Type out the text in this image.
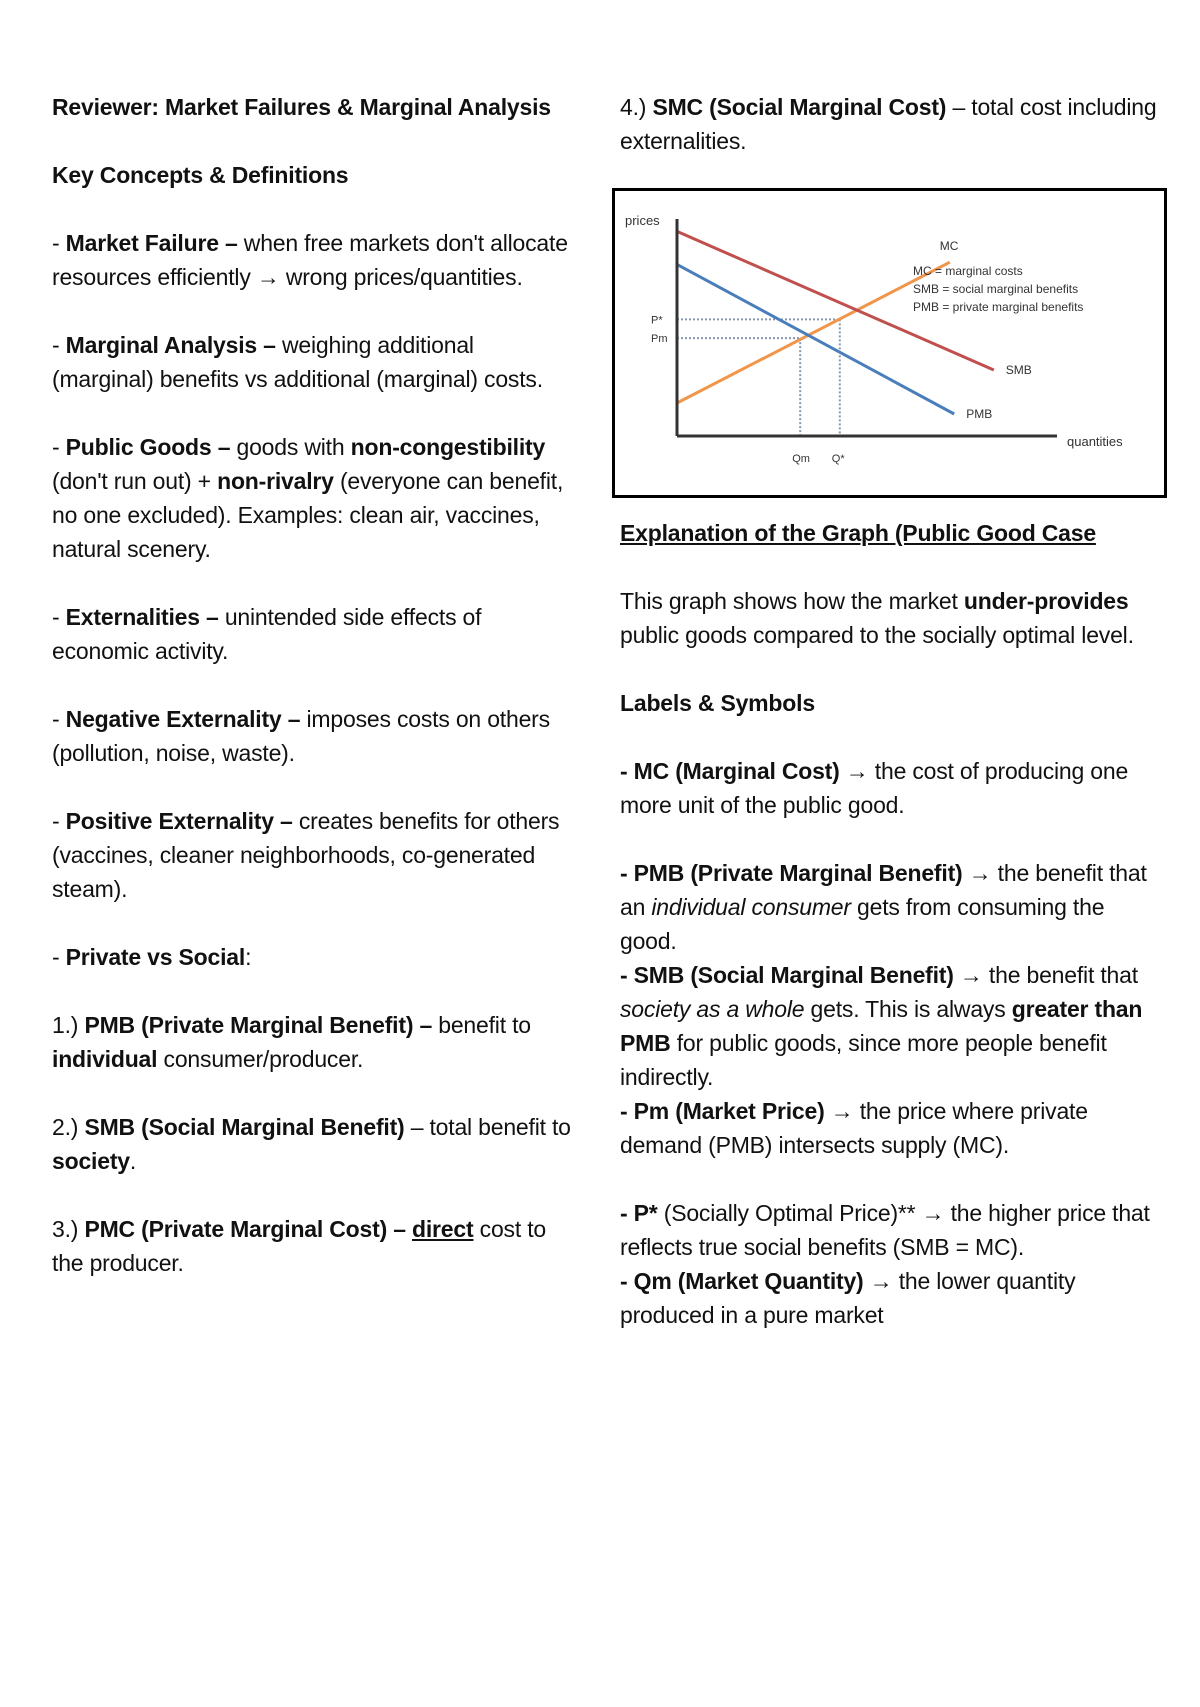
Reviewer: Market Failures & Marginal Analysis

Key Concepts & Definitions

- Market Failure – when free markets don't allocate resources efficiently → wrong prices/quantities.

- Marginal Analysis – weighing additional (marginal) benefits vs additional (marginal) costs.

- Public Goods – goods with non-congestibility (don't run out) + non-rivalry (everyone can benefit, no one excluded). Examples: clean air, vaccines, natural scenery.

- Externalities – unintended side effects of economic activity.

- Negative Externality – imposes costs on others (pollution, noise, waste).

- Positive Externality – creates benefits for others (vaccines, cleaner neighborhoods, co-generated steam).

- Private vs Social:

1.) PMB (Private Marginal Benefit) – benefit to individual consumer/producer.

2.) SMB (Social Marginal Benefit) – total benefit to society.

3.) PMC (Private Marginal Cost) – direct cost to the producer.

4.) SMC (Social Marginal Cost) – total cost including externalities.

prices
quantities
P*
Q*
Pm
Qm
MC
SMB
PMB
MC = marginal costs
SMB = social marginal benefits
PMB = private marginal benefits

Explanation of the Graph (Public Good Case

This graph shows how the market under-provides public goods compared to the socially optimal level.

Labels & Symbols

- MC (Marginal Cost) → the cost of producing one more unit of the public good.

- PMB (Private Marginal Benefit) → the benefit that an individual consumer gets from consuming the good.

- SMB (Social Marginal Benefit) → the benefit that society as a whole gets. This is always greater than PMB for public goods, since more people benefit indirectly.

- Pm (Market Price) → the price where private demand (PMB) intersects supply (MC).

- P* (Socially Optimal Price)** → the higher price that reflects true social benefits (SMB = MC).

- Qm (Market Quantity) → the lower quantity produced in a pure market
